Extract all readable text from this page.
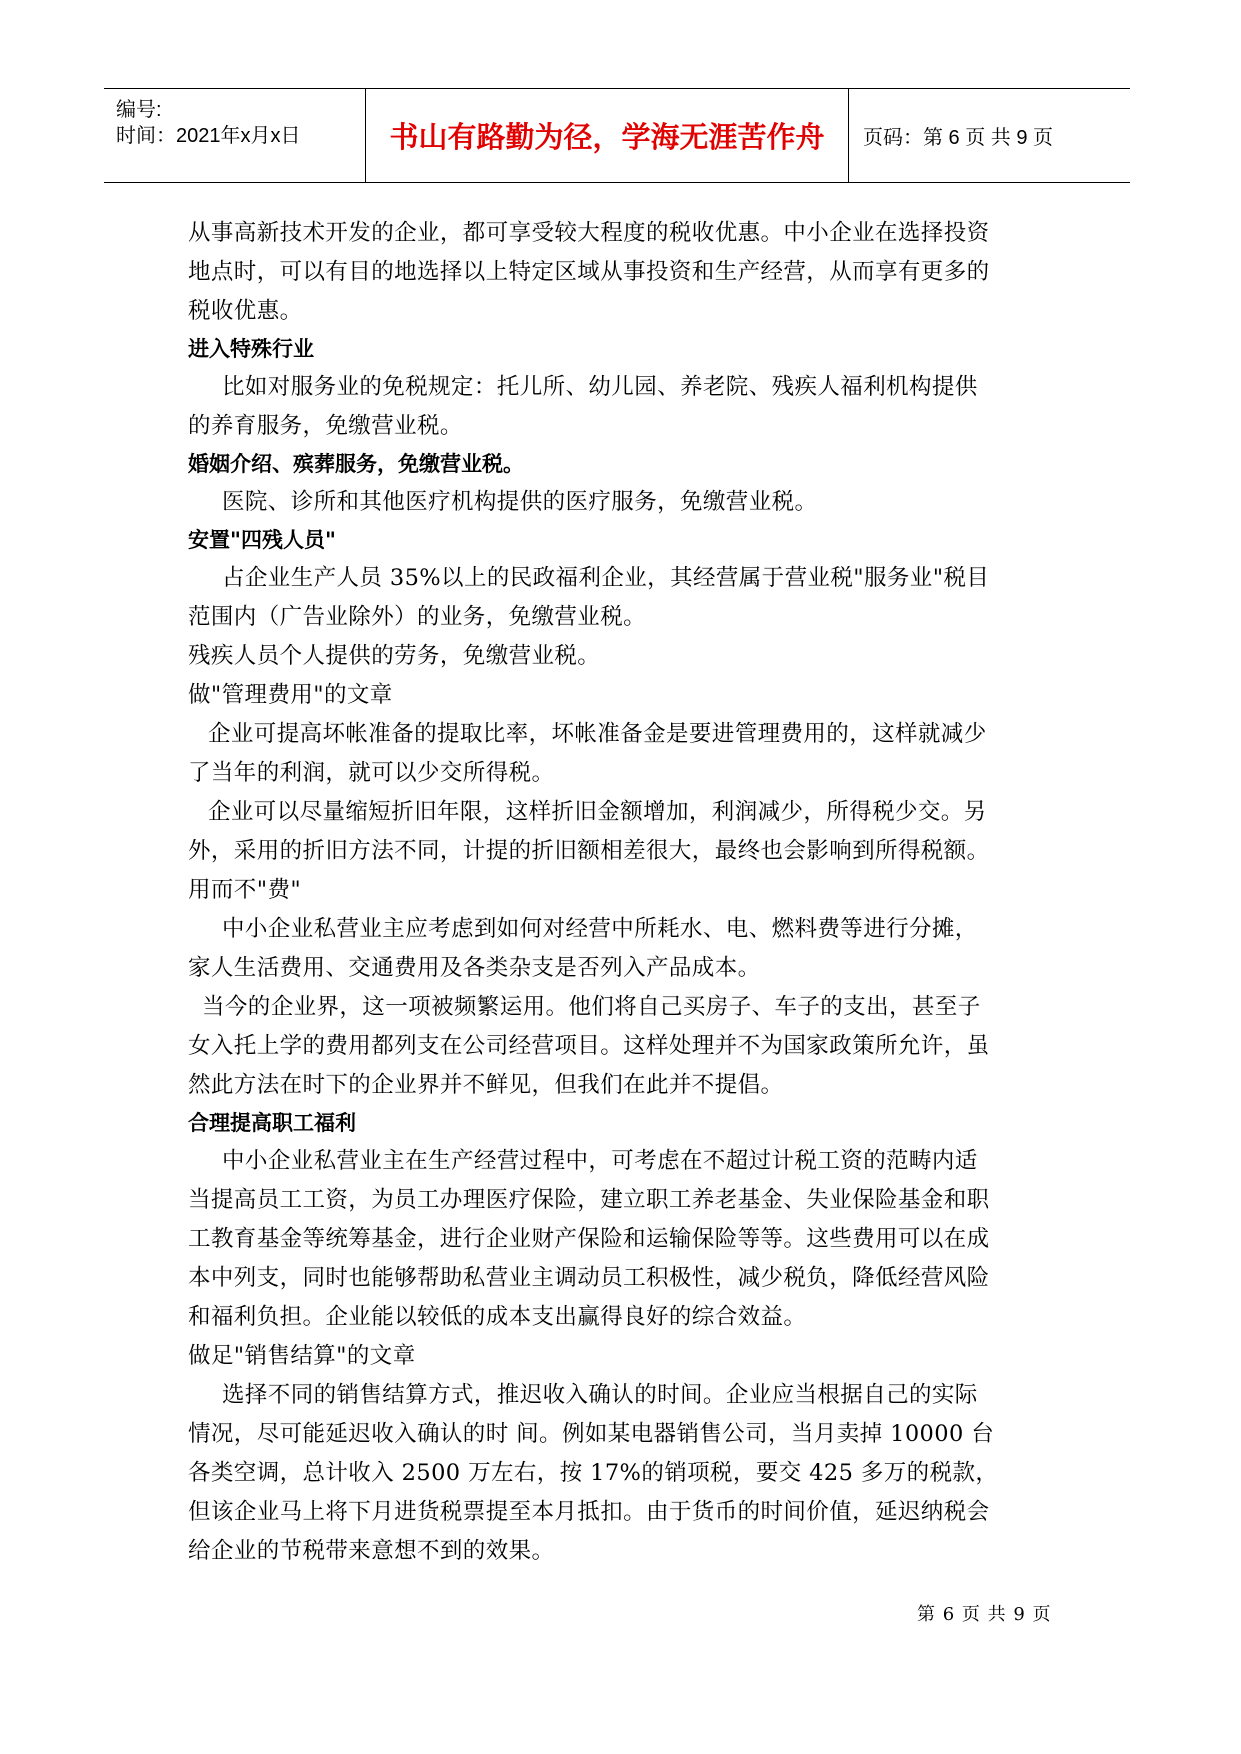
编号:
时间：2021年x月x日	书山有路勤为径，学海无涯苦作舟 页码：第 6 页 共 9 页
从事高新技术开发的企业，都可享受较大程度的税收优惠。中小企业在选择投资
地点时，可以有目的地选择以上特定区域从事投资和生产经营，从而享有更多的
税收优惠。
进入特殊行业
比如对服务业的免税规定：托儿所、幼儿园、养老院、残疾人福利机构提供
的养育服务，免缴营业税。
婚姻介绍、殡葬服务，免缴营业税。
医院、诊所和其他医疗机构提供的医疗服务，免缴营业税。
安置"四残人员"
占企业生产人员 35%以上的民政福利企业，其经营属于营业税"服务业"税目
范围内（广告业除外）的业务，免缴营业税。
残疾人员个人提供的劳务，免缴营业税。
做"管理费用"的文章
企业可提高坏帐准备的提取比率，坏帐准备金是要进管理费用的，这样就减少
了当年的利润，就可以少交所得税。
企业可以尽量缩短折旧年限，这样折旧金额增加，利润减少，所得税少交。另
外，采用的折旧方法不同，计提的折旧额相差很大，最终也会影响到所得税额。
用而不"费"
中小企业私营业主应考虑到如何对经营中所耗水、电、燃料费等进行分摊，
家人生活费用、交通费用及各类杂支是否列入产品成本。
当今的企业界，这一项被频繁运用。他们将自己买房子、车子的支出，甚至子
女入托上学的费用都列支在公司经营项目。这样处理并不为国家政策所允许，虽
然此方法在时下的企业界并不鲜见，但我们在此并不提倡。
合理提高职工福利
中小企业私营业主在生产经营过程中，可考虑在不超过计税工资的范畴内适
当提高员工工资，为员工办理医疗保险，建立职工养老基金、失业保险基金和职
工教育基金等统筹基金，进行企业财产保险和运输保险等等。这些费用可以在成
本中列支，同时也能够帮助私营业主调动员工积极性，减少税负，降低经营风险
和福利负担。企业能以较低的成本支出赢得良好的综合效益。
做足"销售结算"的文章
选择不同的销售结算方式，推迟收入确认的时间。企业应当根据自己的实际
情况，尽可能延迟收入确认的时 间。例如某电器销售公司，当月卖掉 10000 台
各类空调，总计收入 2500 万左右，按 17%的销项税，要交 425 多万的税款，
但该企业马上将下月进货税票提至本月抵扣。由于货币的时间价值，延迟纳税会
给企业的节税带来意想不到的效果。
第 6 页 共 9 页
